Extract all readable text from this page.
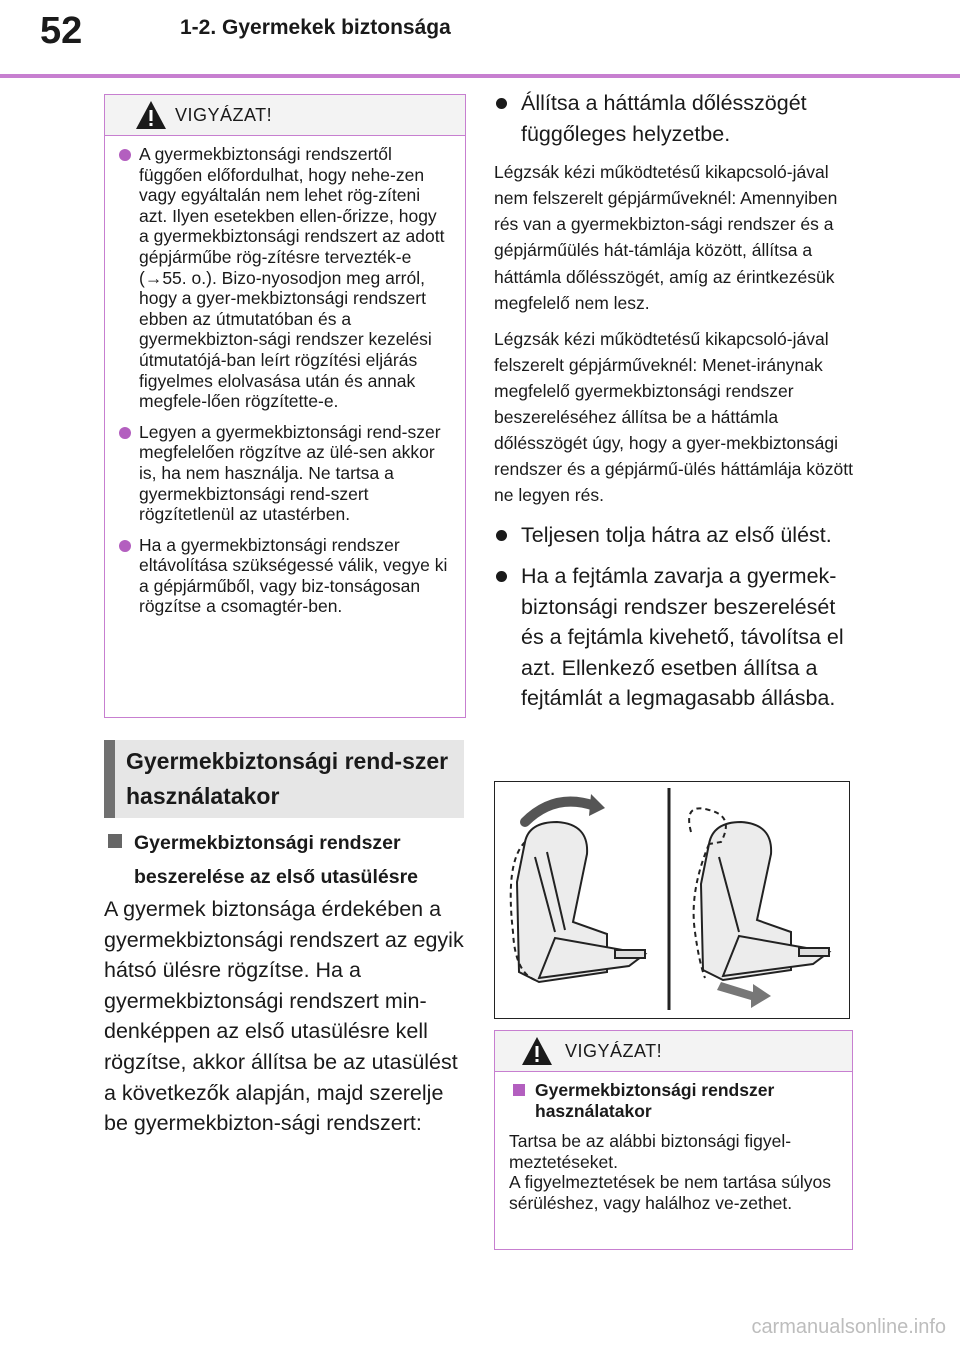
52	1-2. Gyermekek biztonsága
VIGYÁZAT!
A gyermekbiztonsági rendszertől függően előfordulhat, hogy nehe-zen vagy egyáltalán nem lehet rög-zíteni azt. Ilyen esetekben ellen-őrizze, hogy a gyermekbiztonsági rendszert az adott gépjárműbe rög-zítésre tervezték-e (→55. o.). Bizo-nyosodjon meg arról, hogy a gyer-mekbiztonsági rendszert ebben az útmutatóban és a gyermekbizton-sági rendszer kezelési útmutatójá-ban leírt rögzítési eljárás figyelmes elolvasása után és annak megfele-lően rögzítette-e.
Legyen a gyermekbiztonsági rend-szer megfelelően rögzítve az ülé-sen akkor is, ha nem használja. Ne tartsa a gyermekbiztonsági rend-szert rögzítetlenül az utastérben.
Ha a gyermekbiztonsági rendszer eltávolítása szükségessé válik, vegye ki a gépjárműből, vagy biz-tonságosan rögzítse a csomagtér-ben.
Gyermekbiztonsági rend-szer használatakor
Gyermekbiztonsági rendszer beszerelése az első utasülésre
A gyermek biztonsága érdekében a gyermekbiztonsági rendszert az egyik hátsó ülésre rögzítse. Ha a gyermekbiztonsági rendszert min-denképpen az első utasülésre kell rögzítse, akkor állítsa be az utasülést a következők alapján, majd szerelje be gyermekbizton-sági rendszert:
Állítsa a háttámla dőlésszögét függőleges helyzetbe.
Légzsák kézi működtetésű kikapcsoló-jával nem felszerelt gépjárműveknél: Amennyiben rés van a gyermekbizton-sági rendszer és a gépjárműülés hát-támlája között, állítsa a háttámla dőlésszögét, amíg az érintkezésük megfelelő nem lesz.
Légzsák kézi működtetésű kikapcsoló-jával felszerelt gépjárműveknél: Menet-iránynak megfelelő gyermekbiztonsági rendszer beszereléséhez állítsa be a háttámla dőlésszögét úgy, hogy a gyer-mekbiztonsági rendszer és a gépjármű-ülés háttámlája között ne legyen rés.
Teljesen tolja hátra az első ülést.
Ha a fejtámla zavarja a gyermek-biztonsági rendszer beszerelését és a fejtámla kivehető, távolítsa el azt. Ellenkező esetben állítsa a fejtámlát a legmagasabb állásba.
VIGYÁZAT!
Gyermekbiztonsági rendszer használatakor
Tartsa be az alábbi biztonsági figyel-meztetéseket.
A figyelmeztetések be nem tartása súlyos sérüléshez, vagy halálhoz ve-zethet.
carmanualsonline.info
